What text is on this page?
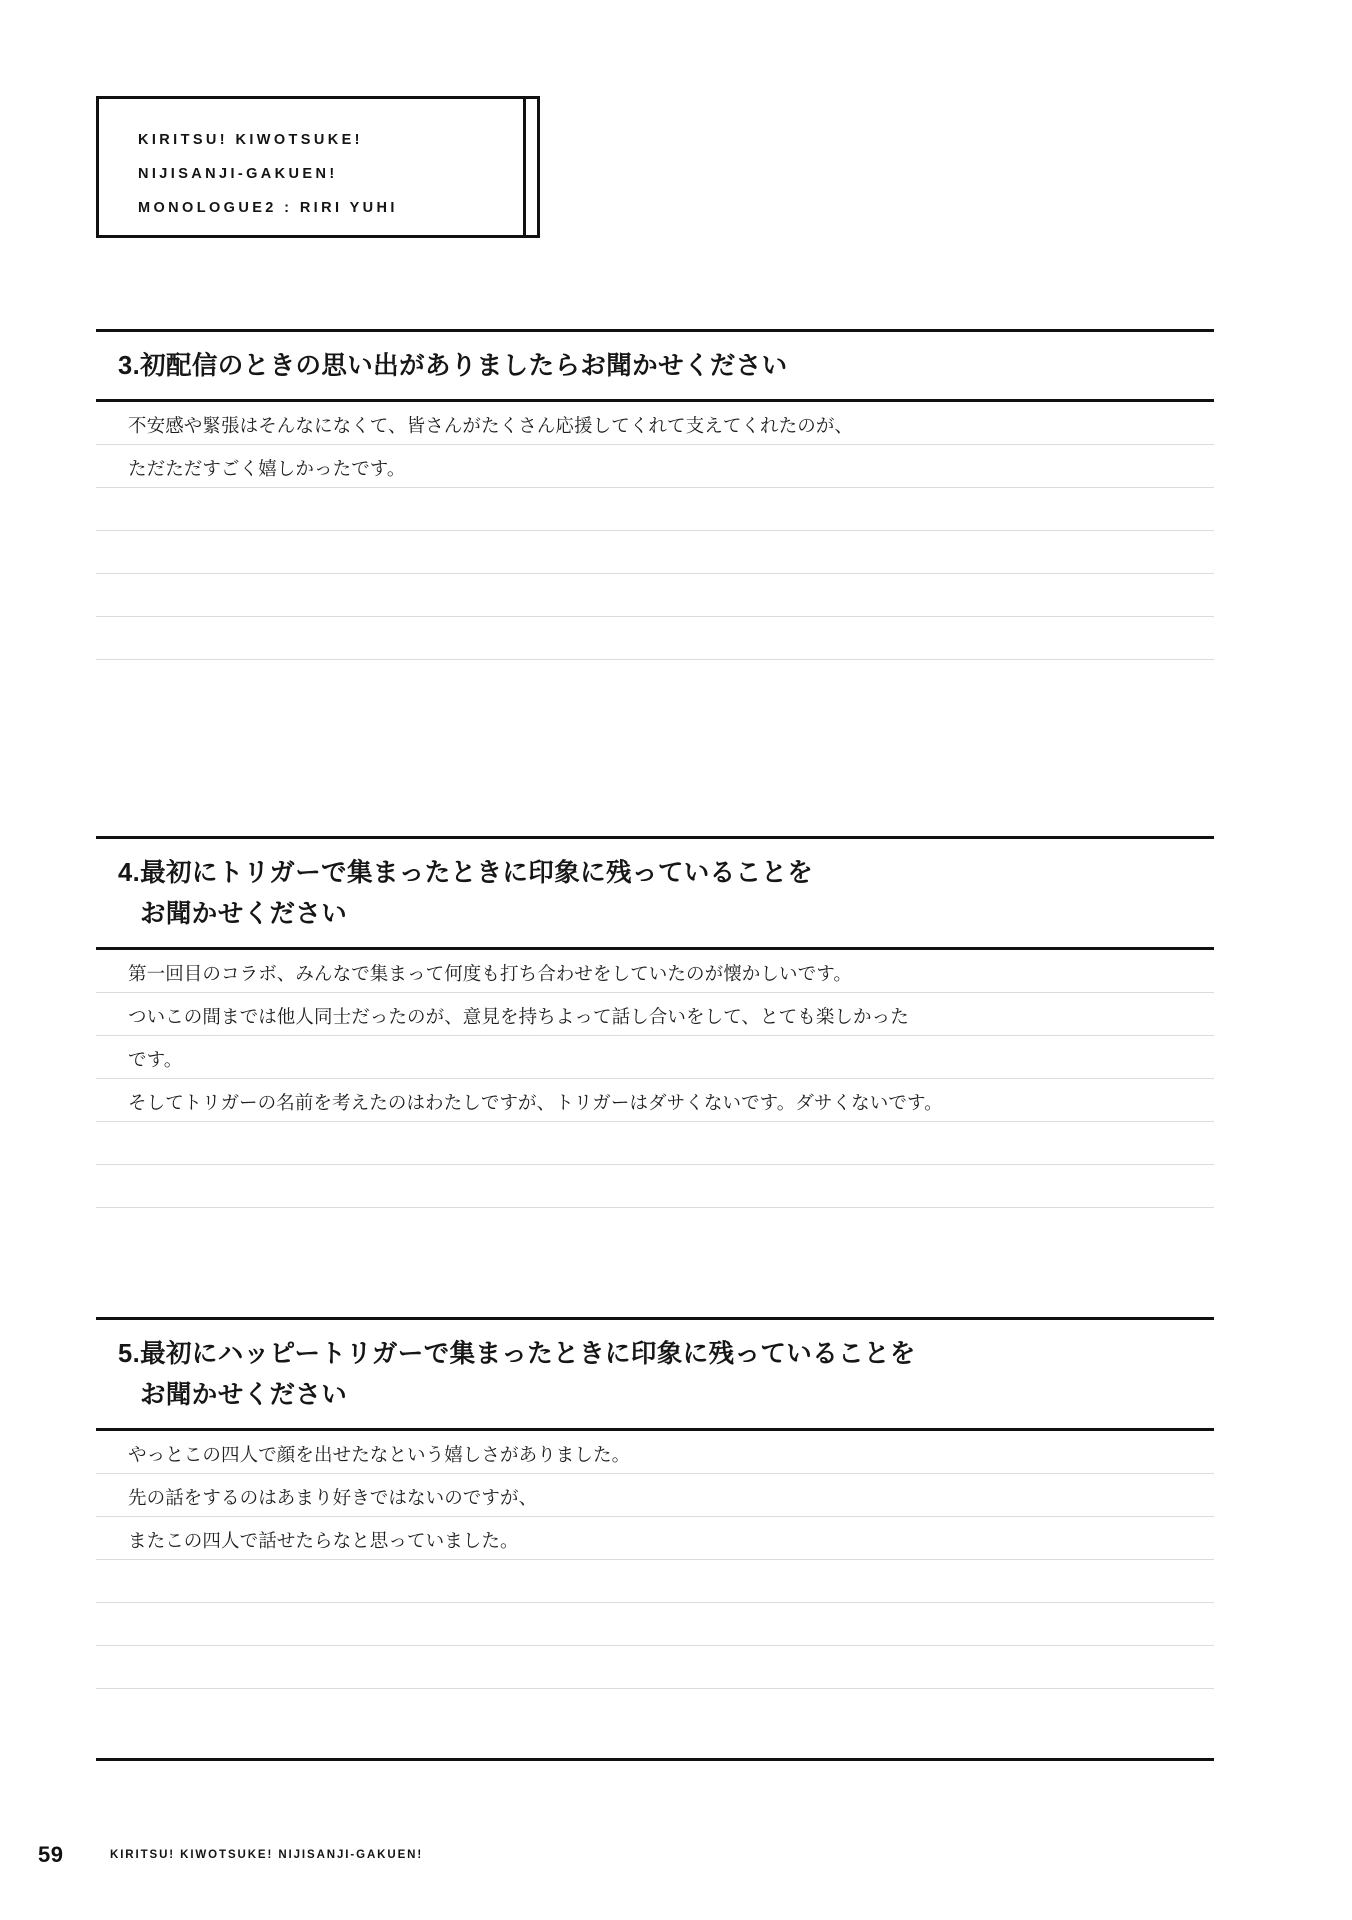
KIRITSU! KIWOTSUKE!
NIJISANJI-GAKUEN!
MONOLOGUE2 : RIRI YUHI
3.初配信のときの思い出がありましたらお聞かせください
不安感や緊張はそんなになくて、皆さんがたくさん応援してくれて支えてくれたのが、
ただただすごく嬉しかったです。
4.最初にトリガーで集まったときに印象に残っていることを
お聞かせください
第一回目のコラボ、みんなで集まって何度も打ち合わせをしていたのが懐かしいです。
ついこの間までは他人同士だったのが、意見を持ちよって話し合いをして、とても楽しかった
です。
そしてトリガーの名前を考えたのはわたしですが、トリガーはダサくないです。ダサくないです。
5.最初にハッピートリガーで集まったときに印象に残っていることを
お聞かせください
やっとこの四人で顔を出せたなという嬉しさがありました。
先の話をするのはあまり好きではないのですが、
またこの四人で話せたらなと思っていました。
59	KIRITSU! KIWOTSUKE! NIJISANJI-GAKUEN!
